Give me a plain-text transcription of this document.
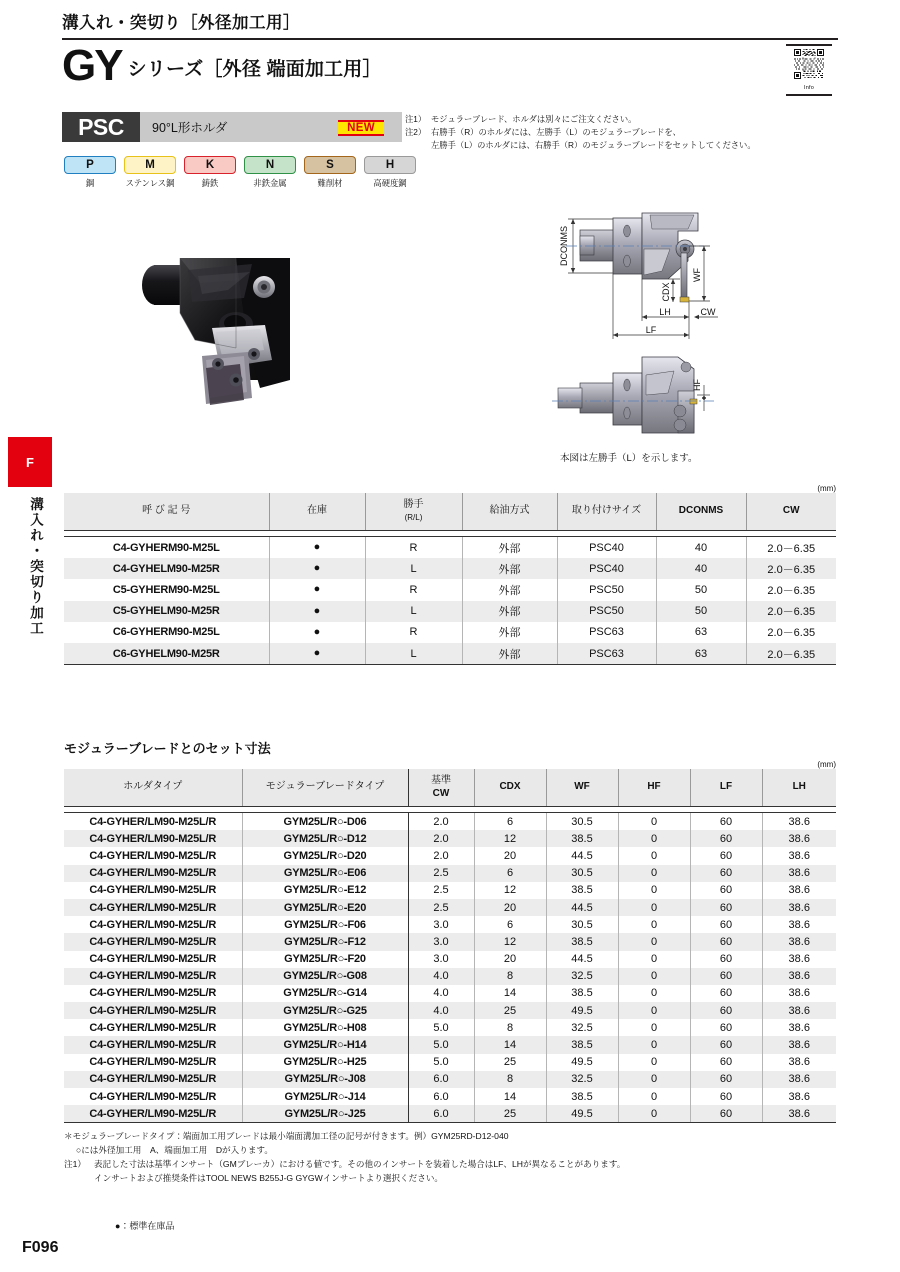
溝入れ・突切り［外径加工用］
GY シリーズ［外径 端面加工用］
Info
PSC	90°L形ホルダ	NEW
注1） モジュラーブレード、ホルダは別々にご注文ください。
注2） 右勝手（R）のホルダには、左勝手（L）のモジュラーブレードを、
左勝手（L）のホルダには、右勝手（R）のモジュラーブレードをセットしてください。
P
鋼
M
ステンレス鋼
K
鋳鉄
N
非鉄金属
S
難削材
H
高硬度鋼
F
溝入れ・突切り加工
DCONMS
WF
CDX
LH	CW
LF
HF
本図は左勝手（L）を示します。
(mm)

呼 び 記 号	在庫	勝手
(R/L)	給油方式	取り付けサイズ	DCONMS	CW
C4-GYHERM90-M25L	●	R	外部	PSC40	40	2.0－6.35
C4-GYHELM90-M25R	●	L	外部	PSC40	40	2.0－6.35
C5-GYHERM90-M25L	●	R	外部	PSC50	50	2.0－6.35
C5-GYHELM90-M25R	●	L	外部	PSC50	50	2.0－6.35
C6-GYHERM90-M25L	●	R	外部	PSC63	63	2.0－6.35
C6-GYHELM90-M25R	●	L	外部	PSC63	63	2.0－6.35
モジュラーブレードとのセット寸法
(mm)

ホルダタイプ	モジュラーブレードタイプ	基準
CW	CDX	WF	HF	LF	LH
C4-GYHER/LM90-M25L/R	GYM25L/R○-D06	2.0	6	30.5	0	60	38.6
C4-GYHER/LM90-M25L/R	GYM25L/R○-D12	2.0	12	38.5	0	60	38.6
C4-GYHER/LM90-M25L/R	GYM25L/R○-D20	2.0	20	44.5	0	60	38.6
C4-GYHER/LM90-M25L/R	GYM25L/R○-E06	2.5	6	30.5	0	60	38.6
C4-GYHER/LM90-M25L/R	GYM25L/R○-E12	2.5	12	38.5	0	60	38.6
C4-GYHER/LM90-M25L/R	GYM25L/R○-E20	2.5	20	44.5	0	60	38.6
C4-GYHER/LM90-M25L/R	GYM25L/R○-F06	3.0	6	30.5	0	60	38.6
C4-GYHER/LM90-M25L/R	GYM25L/R○-F12	3.0	12	38.5	0	60	38.6
C4-GYHER/LM90-M25L/R	GYM25L/R○-F20	3.0	20	44.5	0	60	38.6
C4-GYHER/LM90-M25L/R	GYM25L/R○-G08	4.0	8	32.5	0	60	38.6
C4-GYHER/LM90-M25L/R	GYM25L/R○-G14	4.0	14	38.5	0	60	38.6
C4-GYHER/LM90-M25L/R	GYM25L/R○-G25	4.0	25	49.5	0	60	38.6
C4-GYHER/LM90-M25L/R	GYM25L/R○-H08	5.0	8	32.5	0	60	38.6
C4-GYHER/LM90-M25L/R	GYM25L/R○-H14	5.0	14	38.5	0	60	38.6
C4-GYHER/LM90-M25L/R	GYM25L/R○-H25	5.0	25	49.5	0	60	38.6
C4-GYHER/LM90-M25L/R	GYM25L/R○-J08	6.0	8	32.5	0	60	38.6
C4-GYHER/LM90-M25L/R	GYM25L/R○-J14	6.0	14	38.5	0	60	38.6
C4-GYHER/LM90-M25L/R	GYM25L/R○-J25	6.0	25	49.5	0	60	38.6
＊モジュラーブレードタイプ：端面加工用ブレードは最小端面溝加工径の記号が付きます。例）GYM25RD-D12-040
○には外径加工用　A、端面加工用　Dが入ります。
注1） 表記した寸法は基準インサート（GMブレーカ）における値です。その他のインサートを装着した場合はLF、LHが異なることがあります。
インサートおよび推奨条件はTOOL NEWS B255J-G GYGWインサートより選択ください。
●：標準在庫品
F096
